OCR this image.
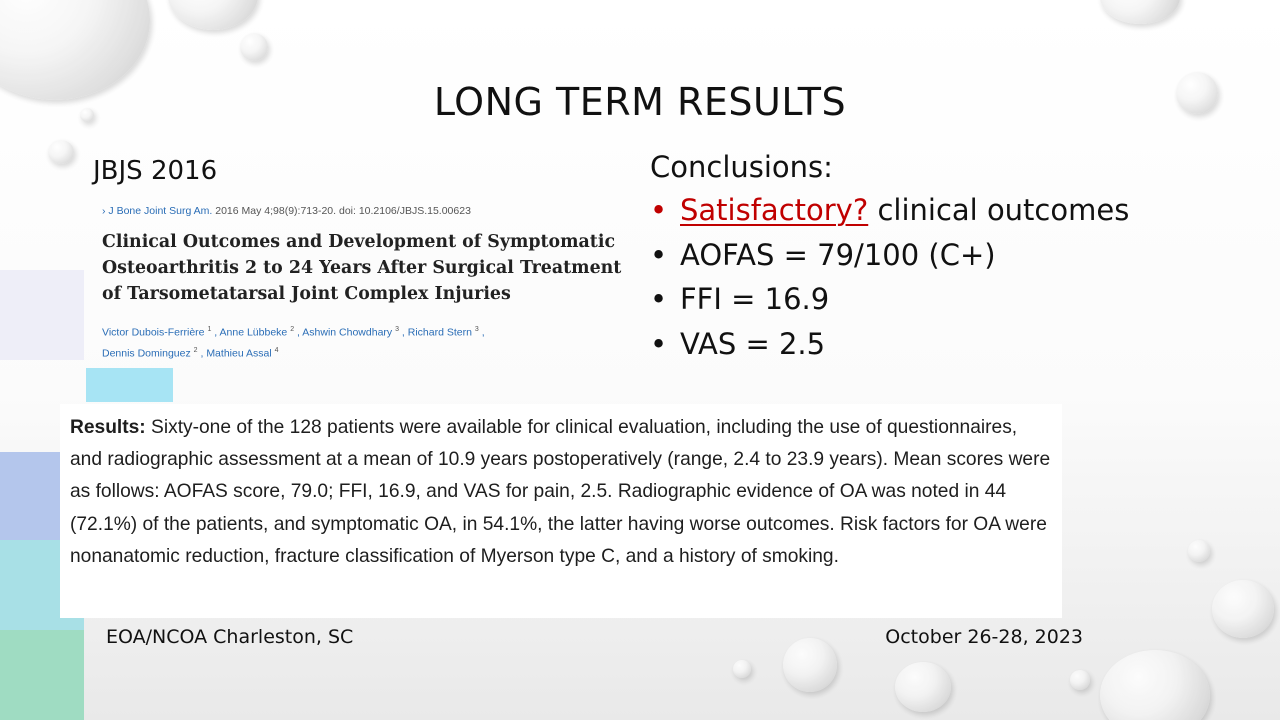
LONG TERM RESULTS
JBJS 2016
› J Bone Joint Surg Am. 2016 May 4;98(9):713-20. doi: 10.2106/JBJS.15.00623
Clinical Outcomes and Development of Symptomatic Osteoarthritis 2 to 24 Years After Surgical Treatment of Tarsometatarsal Joint Complex Injuries
Victor Dubois-Ferrière $^1$ , Anne Lübbeke $^2$ , Ashwin Chowdhary $^3$ , Richard Stern $^3$ ,
Dennis Dominguez $^2$ , Mathieu Assal $^4$
Conclusions:
• Satisfactory? clinical outcomes
• AOFAS = 79/100 (C+)
• FFI = 16.9
• VAS = 2.5
Results: Sixty-one of the 128 patients were available for clinical evaluation, including the use of questionnaires, and radiographic assessment at a mean of 10.9 years postoperatively (range, 2.4 to 23.9 years). Mean scores were as follows: AOFAS score, 79.0; FFI, 16.9, and VAS for pain, 2.5. Radiographic evidence of OA was noted in 44 (72.1%) of the patients, and symptomatic OA, in 54.1%, the latter having worse outcomes. Risk factors for OA were nonanatomic reduction, fracture classification of Myerson type C, and a history of smoking.
EOA/NCOA Charleston, SC	October 26-28, 2023
